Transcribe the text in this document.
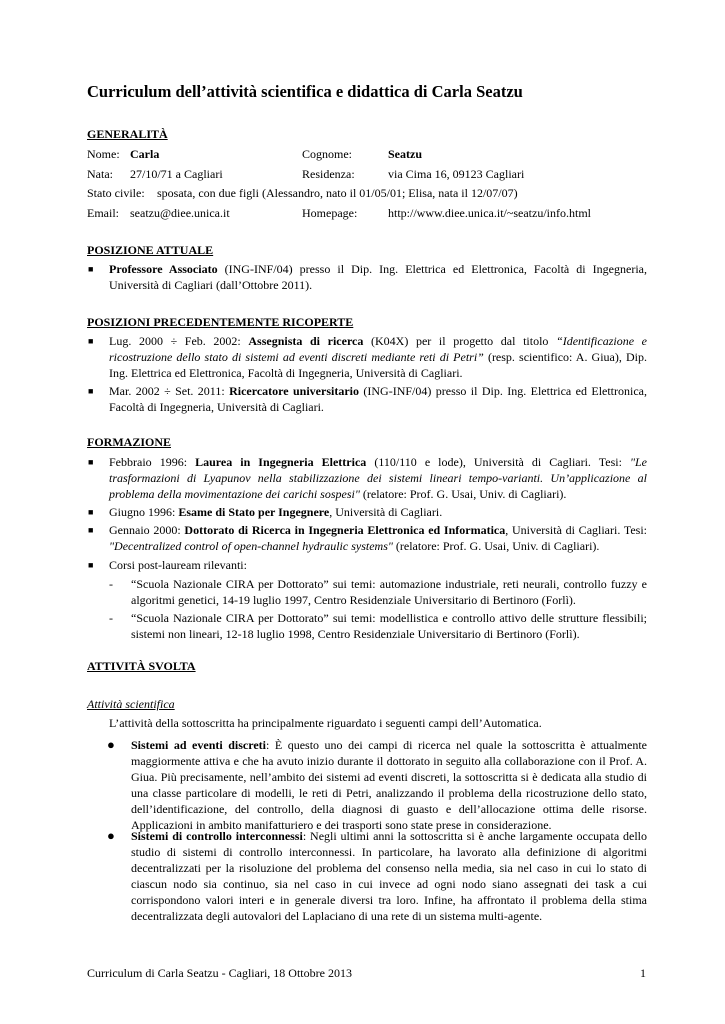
Curriculum dell’attività scientifica e didattica di Carla Seatzu
GENERALITÀ
Nome: Carla	Cognome:	Seatzu
Nata: 27/10/71 a Cagliari	Residenza:	via Cima 16, 09123 Cagliari
Stato civile: sposata, con due figli (Alessandro, nato il 01/05/01; Elisa, nata il 12/07/07)
Email: seatzu@diee.unica.it	Homepage:	http://www.diee.unica.it/~seatzu/info.html
POSIZIONE ATTUALE
■ Professore Associato (ING-INF/04) presso il Dip. Ing. Elettrica ed Elettronica, Facoltà di Ingegneria,
Università di Cagliari (dall’Ottobre 2011).
POSIZIONI PRECEDENTEMENTE RICOPERTE
■ Lug. 2000 ÷ Feb. 2002: Assegnista di ricerca (K04X) per il progetto dal titolo “Identificazione e
ricostruzione dello stato di sistemi ad eventi discreti mediante reti di Petri” (resp. scientifico: A. Giua), Dip.
Ing. Elettrica ed Elettronica, Facoltà di Ingegneria, Università di Cagliari.
■ Mar. 2002 ÷ Set. 2011: Ricercatore universitario (ING-INF/04) presso il Dip. Ing. Elettrica ed Elettronica,
Facoltà di Ingegneria, Università di Cagliari.
FORMAZIONE
■ Febbraio 1996: Laurea in Ingegneria Elettrica (110/110 e lode), Università di Cagliari. Tesi: "Le
trasformazioni di Lyapunov nella stabilizzazione dei sistemi lineari tempo-varianti. Un’applicazione al
problema della movimentazione dei carichi sospesi" (relatore: Prof. G. Usai, Univ. di Cagliari).
■ Giugno 1996: Esame di Stato per Ingegnere, Università di Cagliari.
■ Gennaio 2000: Dottorato di Ricerca in Ingegneria Elettronica ed Informatica, Università di Cagliari. Tesi:
"Decentralized control of open-channel hydraulic systems" (relatore: Prof. G. Usai, Univ. di Cagliari).
■ Corsi post-lauream rilevanti:
- “Scuola Nazionale CIRA per Dottorato” sui temi: automazione industriale, reti neurali, controllo fuzzy e
algoritmi genetici, 14-19 luglio 1997, Centro Residenziale Universitario di Bertinoro (Forlì).
- “Scuola Nazionale CIRA per Dottorato” sui temi: modellistica e controllo attivo delle strutture flessibili;
sistemi non lineari, 12-18 luglio 1998, Centro Residenziale Universitario di Bertinoro (Forlì).
ATTIVITÀ SVOLTA
Attività scientifica
L’attività della sottoscritta ha principalmente riguardato i seguenti campi dell’Automatica.
● Sistemi ad eventi discreti: È questo uno dei campi di ricerca nel quale la sottoscritta è attualmente maggiormente attiva e che ha avuto inizio durante il dottorato in seguito alla collaborazione con il Prof. A. Giua. Più precisamente, nell’ambito dei sistemi ad eventi discreti, la sottoscritta si è dedicata alla studio di una classe particolare di modelli, le reti di Petri, analizzando il problema della ricostruzione dello stato, dell’identificazione, del controllo, della diagnosi di guasto e dell’allocazione ottima delle risorse. Applicazioni in ambito manifatturiero e dei trasporti sono state prese in considerazione.
● Sistemi di controllo interconnessi: Negli ultimi anni la sottoscritta si è anche largamente occupata dello studio di sistemi di controllo interconnessi. In particolare, ha lavorato alla definizione di algoritmi decentralizzati per la risoluzione del problema del consenso nella media, sia nel caso in cui lo stato di ciascun nodo sia continuo, sia nel caso in cui invece ad ogni nodo siano assegnati dei task a cui corrispondono valori interi e in generale diversi tra loro. Infine, ha affrontato il problema della stima decentralizzata degli autovalori del Laplaciano di una rete di un sistema multi-agente.
Curriculum di Carla Seatzu - Cagliari, 18 Ottobre 2013	1
